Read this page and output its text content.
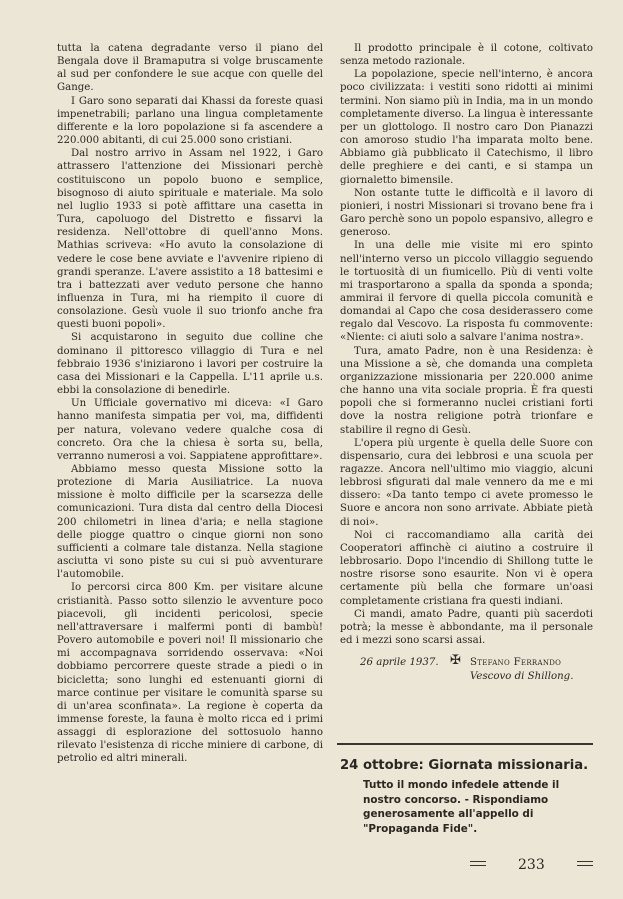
tutta la catena degradante verso il piano del Bengala dove il Bramaputra si volge bruscamente al sud per confondere le sue acque con quelle del Gange.

I Garo sono separati dai Khassi da foreste quasi impenetrabili; parlano una lingua completamente differente e la loro popolazione si fa ascendere a 220.000 abitanti, di cui 25.000 sono cristiani.

Dal nostro arrivo in Assam nel 1922, i Garo attrassero l'attenzione dei Missionari perchè costituiscono un popolo buono e semplice, bisognoso di aiuto spirituale e materiale. Ma solo nel luglio 1933 si potè affittare una casetta in Tura, capoluogo del Distretto e fissarvi la residenza. Nell'ottobre di quell'anno Mons. Mathias scriveva: «Ho avuto la consolazione di vedere le cose bene avviate e l'avvenire ripieno di grandi speranze. L'avere assistito a 18 battesimi e tra i battezzati aver veduto persone che hanno influenza in Tura, mi ha riempito il cuore di consolazione. Gesù vuole il suo trionfo anche fra questi buoni popoli».

Si acquistarono in seguito due colline che dominano il pittoresco villaggio di Tura e nel febbraio 1936 s'iniziarono i lavori per costruire la casa dei Missionari e la Cappella. L'11 aprile u.s. ebbi la consolazione di benedirle.

Un Ufficiale governativo mi diceva: «I Garo hanno manifesta simpatia per voi, ma, diffidenti per natura, volevano vedere qualche cosa di concreto. Ora che la chiesa è sorta su, bella, verranno numerosi a voi. Sappiatene approfittare».

Abbiamo messo questa Missione sotto la protezione di Maria Ausiliatrice. La nuova missione è molto difficile per la scarsezza delle comunicazioni. Tura dista dal centro della Diocesi 200 chilometri in linea d'aria; e nella stagione delle piogge quattro o cinque giorni non sono sufficienti a colmare tale distanza. Nella stagione asciutta vi sono piste su cui si può avventurare l'automobile.

Io percorsi circa 800 Km. per visitare alcune cristianità. Passo sotto silenzio le avventure poco piacevoli, gli incidenti pericolosi, specie nell'attraversare i malfermi ponti di bambù! Povero automobile e poveri noi! Il missionario che mi accompagnava sorridendo osservava: «Noi dobbiamo percorrere queste strade a piedi o in bicicletta; sono lunghi ed estenuanti giorni di marce continue per visitare le comunità sparse su di un'area sconfinata». La regione è coperta da immense foreste, la fauna è molto ricca ed i primi assaggi di esplorazione del sottosuolo hanno rilevato l'esistenza di ricche miniere di carbone, di petrolio ed altri minerali.

Il prodotto principale è il cotone, coltivato senza metodo razionale.

La popolazione, specie nell'interno, è ancora poco civilizzata: i vestiti sono ridotti ai minimi termini. Non siamo più in India, ma in un mondo completamente diverso. La lingua è interessante per un glottologo. Il nostro caro Don Pianazzi con amoroso studio l'ha imparata molto bene. Abbiamo già pubblicato il Catechismo, il libro delle preghiere e dei canti, e si stampa un giornaletto bimensile.

Non ostante tutte le difficoltà e il lavoro di pionieri, i nostri Missionari si trovano bene fra i Garo perchè sono un popolo espansivo, allegro e generoso.

In una delle mie visite mi ero spinto nell'interno verso un piccolo villaggio seguendo le tortuosità di un fiumicello. Più di venti volte mi trasportarono a spalla da sponda a sponda; ammirai il fervore di quella piccola comunità e domandai al Capo che cosa desiderassero come regalo dal Vescovo. La risposta fu commovente: «Niente: ci aiuti solo a salvare l'anima nostra».

Tura, amato Padre, non è una Residenza: è una Missione a sè, che domanda una completa organizzazione missionaria per 220.000 anime che hanno una vita sociale propria. È fra questi popoli che si formeranno nuclei cristiani forti dove la nostra religione potrà trionfare e stabilire il regno di Gesù.

L'opera più urgente è quella delle Suore con dispensario, cura dei lebbrosi e una scuola per ragazze. Ancora nell'ultimo mio viaggio, alcuni lebbrosi sfigurati dal male vennero da me e mi dissero: «Da tanto tempo ci avete promesso le Suore e ancora non sono arrivate. Abbiate pietà di noi».

Noi ci raccomandiamo alla carità dei Cooperatori affinchè ci aiutino a costruire il lebbrosario. Dopo l'incendio di Shillong tutte le nostre risorse sono esaurite. Non vi è opera certamente più bella che formare un'oasi completamente cristiana fra questi indiani.

Ci mandi, amato Padre, quanti più sacerdoti potrà; la messe è abbondante, ma il personale ed i mezzi sono scarsi assai.

26 aprile 1937. ✠ Stefano Ferrando
Vescovo di Shillong.
24 ottobre: Giornata missionaria.
Tutto il mondo infedele attende il nostro concorso. - Rispondiamo generosamente all'appello di "Propaganda Fide".
233
